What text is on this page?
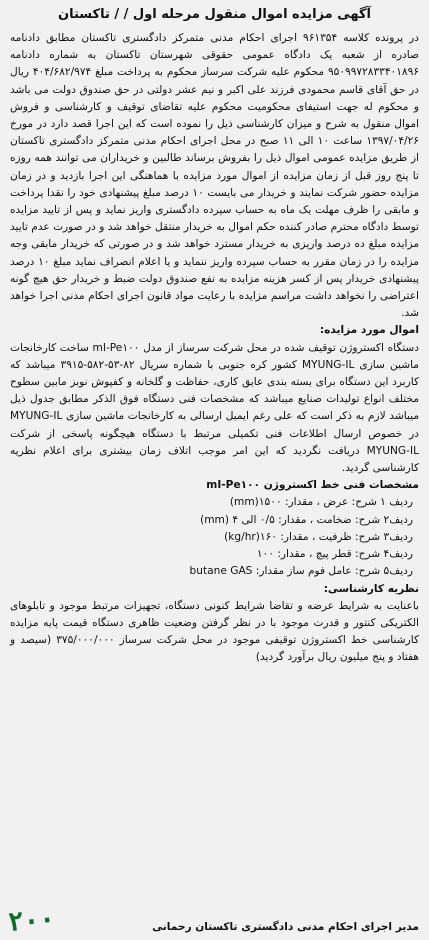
آگهی مزایده اموال منقول مرحله اول / / تاکستان

در پرونده کلاسه ۹۶۱۳۵۴ اجرای احکام مدنی متمرکز دادگستری تاکستان مطابق دادنامه صادره از شعبه یک دادگاه عمومی حقوقی شهرستان تاکستان به شماره دادنامه ۹۵۰۹۹۷۲۸۳۳۴۰۱۸۹۶ محکوم علیه شرکت سرساز محکوم به پرداخت مبلغ ۴۰۴/۶۸۲/۹۷۴ ریال در حق آقای قاسم محمودی فرزند علی اکبر و نیم عشر دولتی در حق صندوق دولت می باشد و محکوم له جهت استیفای محکومیت محکوم علیه تقاضای توقیف و کارشناسی و فروش اموال منقول به شرح و میزان کارشناسی ذیل را نموده است که این اجرا قصد دارد در مورخ ۱۳۹۷/۰۴/۲۶ ساعت ۱۰ الی ۱۱ صبح در محل اجرای احکام مدنی متمرکز دادگستری تاکستان از طریق مزایده عمومی اموال ذیل را بفروش برساند طالبین و خریداران می توانند همه روزه تا پنج روز قبل از زمان مزایده از اموال مورد مزایده با هماهنگی این اجرا بازدید و در زمان مزایده حضور شرکت نمایند و خریدار می بایست ۱۰ درصد مبلغ پیشنهادی خود را نقدا پرداخت و مابقی را ظرف مهلت یک ماه به حساب سپرده دادگستری واریز نماید و پس از تایید مزایده توسط دادگاه محترم صادر کننده حکم اموال به خریدار منتقل خواهد شد و در صورت عدم تایید مزایده مبلغ ده درصد واریزی به خریدار مسترد خواهد شد و در صورتی که خریدار مابقی وجه مزایده را در زمان مقرر به حساب سپرده واریز ننماید و یا اعلام انصراف نماید مبلغ ۱۰ درصد پیشنهادی خریدار پس از کسر هزینه مزایده به نفع صندوق دولت ضبط و خریدار حق هیچ گونه اعتراضی را نخواهد داشت مراسم مزایده با رعایت مواد قانون اجرای احکام مدنی اجرا خواهد شد.

اموال مورد مزایده:

دستگاه اکستروژن توقیف شده در محل شرکت سرساز از مدل mI-Pe۱۰۰ ساخت کارخانجات ماشین سازی MYUNG-IL کشور کره جنوبی با شماره سریال ۸۲-۵۳-۵۸۲-۳۹۱۵ میباشد که کاربرد این دستگاه برای بسته بندی عایق کاری، حفاظت و گلخانه و کفپوش نوبز مابین سطوح مختلف انواع تولیدات صنایع میباشد که مشخصات فنی دستگاه فوق الذکر مطابق جدول ذیل میباشد لازم به ذکر است که علی رغم ایمیل ارسالی به کارخانجات ماشین سازی MYUNG-IL در خصوص ارسال اطلاعات فنی تکمیلی مرتبط با دستگاه هیچگونه پاسخی از شرکت MYUNG-IL دریافت نگردید که این امر موجب اتلاف زمان بیشتری برای اعلام نظریه کارشناسی گردید.

مشخصات فنی خط اکستروژن mI-Pe۱۰۰

ردیف ۱ شرح: عرض ، مقدار: ۱۵۰۰(mm)

ردیف۲ شرح: ضخامت ، مقدار: ۰/۵ الی ۴ (mm)

ردیف۳ شرح: ظرفیت ، مقدار: ۱۶۰(kg/hr)

ردیف۴ شرح: قطر پیچ ، مقدار: ۱۰۰

ردیف۵ شرح: عامل فوم ساز مقدار: butane GAS

نظریه کارشناسی:

باعنایت به شرایط عرضه و تقاضا شرایط کنونی دستگاه، تجهیزات مرتبط موجود و تابلوهای الکتریکی کنتور و قدرت موجود با در نظر گرفتن وضعیت ظاهری دستگاه قیمت پایه مزایده کارشناسی خط اکستروژن توقیفی موجود در محل شرکت سرساز ۳۷۵/۰۰۰/۰۰۰ (سیصد و هفتاد و پنج میلیون ریال برآورد گردید)

مدیر اجرای احکام مدنی دادگستری تاکستان رحمانی
۲۰۰
